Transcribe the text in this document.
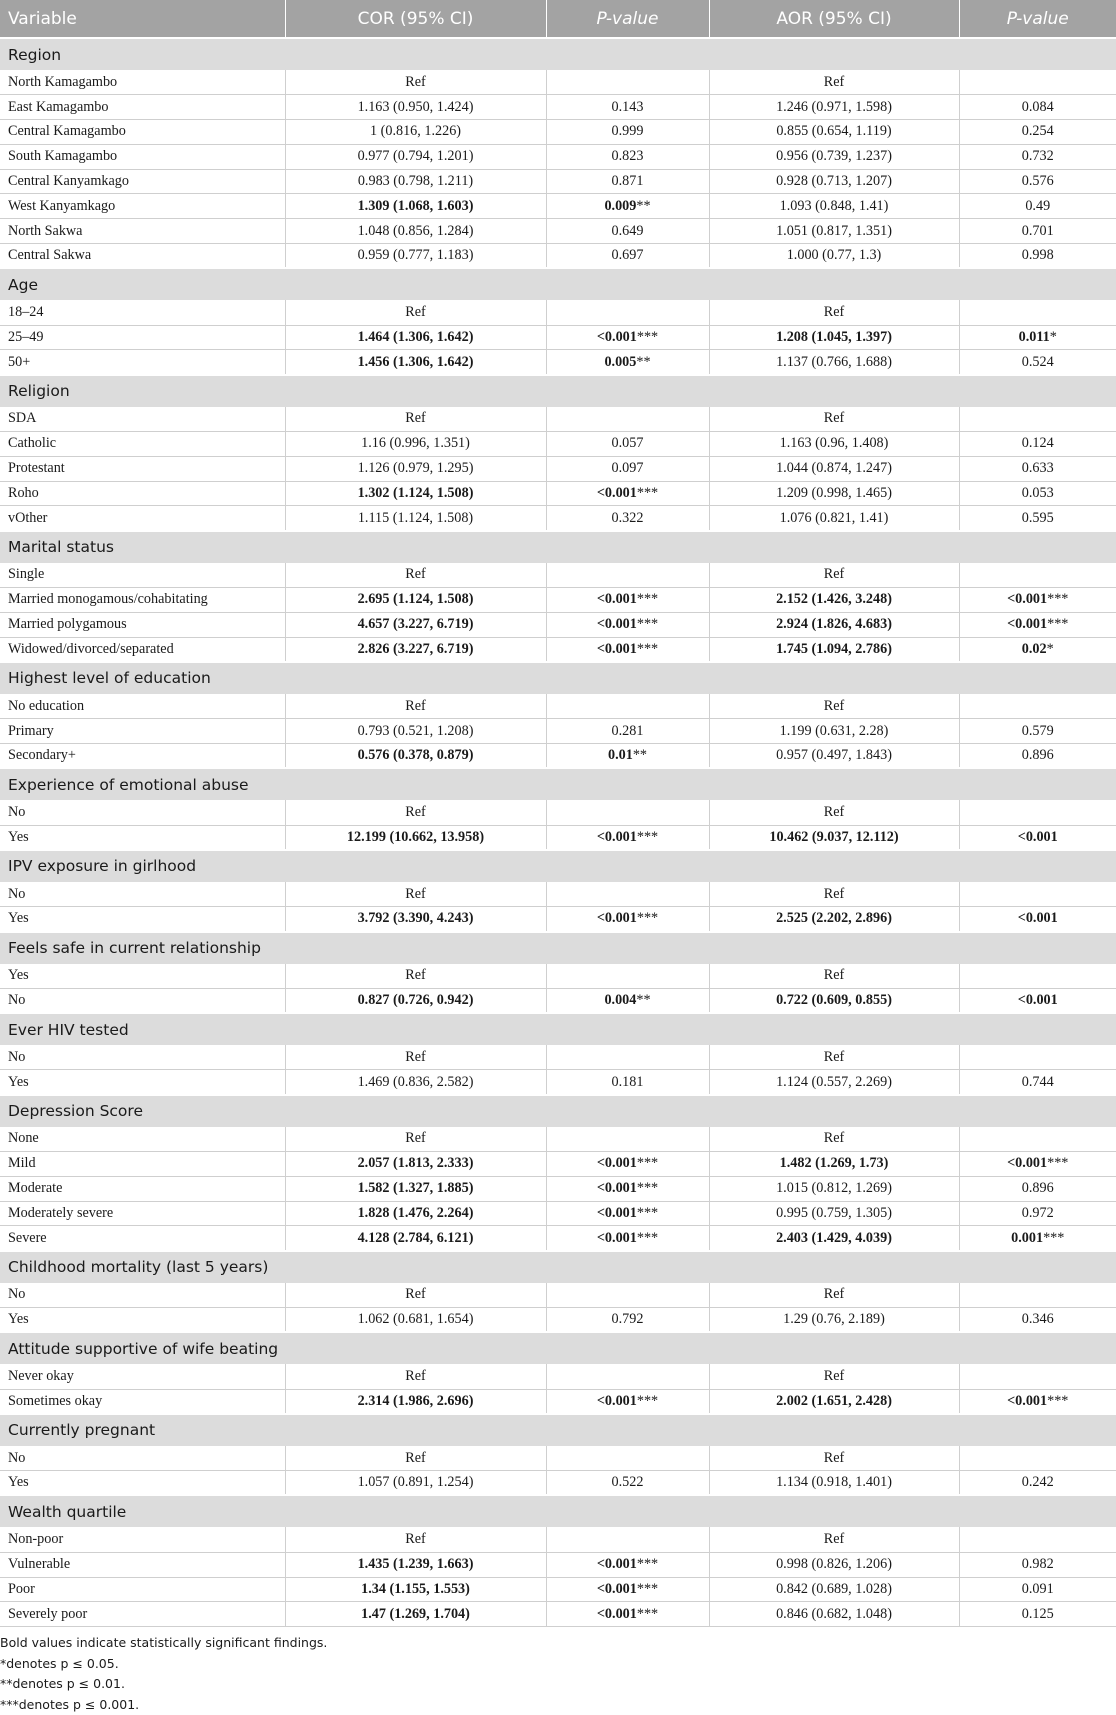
Variable	COR (95% CI)	P-value	AOR (95% CI)	P-value
Region				
North Kamagambo	Ref		Ref	
East Kamagambo	1.163 (0.950, 1.424)	0.143	1.246 (0.971, 1.598)	0.084
Central Kamagambo	1 (0.816, 1.226)	0.999	0.855 (0.654, 1.119)	0.254
South Kamagambo	0.977 (0.794, 1.201)	0.823	0.956 (0.739, 1.237)	0.732
Central Kanyamkago	0.983 (0.798, 1.211)	0.871	0.928 (0.713, 1.207)	0.576
West Kanyamkago	1.309 (1.068, 1.603)	0.009**	1.093 (0.848, 1.41)	0.49
North Sakwa	1.048 (0.856, 1.284)	0.649	1.051 (0.817, 1.351)	0.701
Central Sakwa	0.959 (0.777, 1.183)	0.697	1.000 (0.77, 1.3)	0.998
Age				
18–24	Ref		Ref	
25–49	1.464 (1.306, 1.642)	<0.001***	1.208 (1.045, 1.397)	0.011*
50+	1.456 (1.306, 1.642)	0.005**	1.137 (0.766, 1.688)	0.524
Religion				
SDA	Ref		Ref	
Catholic	1.16 (0.996, 1.351)	0.057	1.163 (0.96, 1.408)	0.124
Protestant	1.126 (0.979, 1.295)	0.097	1.044 (0.874, 1.247)	0.633
Roho	1.302 (1.124, 1.508)	<0.001***	1.209 (0.998, 1.465)	0.053
vOther	1.115 (1.124, 1.508)	0.322	1.076 (0.821, 1.41)	0.595
Marital status				
Single	Ref		Ref	
Married monogamous/cohabitating	2.695 (1.124, 1.508)	<0.001***	2.152 (1.426, 3.248)	<0.001***
Married polygamous	4.657 (3.227, 6.719)	<0.001***	2.924 (1.826, 4.683)	<0.001***
Widowed/divorced/separated	2.826 (3.227, 6.719)	<0.001***	1.745 (1.094, 2.786)	0.02*
Highest level of education				
No education	Ref		Ref	
Primary	0.793 (0.521, 1.208)	0.281	1.199 (0.631, 2.28)	0.579
Secondary+	0.576 (0.378, 0.879)	0.01**	0.957 (0.497, 1.843)	0.896
Experience of emotional abuse				
No	Ref		Ref	
Yes	12.199 (10.662, 13.958)	<0.001***	10.462 (9.037, 12.112)	<0.001
IPV exposure in girlhood				
No	Ref		Ref	
Yes	3.792 (3.390, 4.243)	<0.001***	2.525 (2.202, 2.896)	<0.001
Feels safe in current relationship				
Yes	Ref		Ref	
No	0.827 (0.726, 0.942)	0.004**	0.722 (0.609, 0.855)	<0.001
Ever HIV tested				
No	Ref		Ref	
Yes	1.469 (0.836, 2.582)	0.181	1.124 (0.557, 2.269)	0.744
Depression Score				
None	Ref		Ref	
Mild	2.057 (1.813, 2.333)	<0.001***	1.482 (1.269, 1.73)	<0.001***
Moderate	1.582 (1.327, 1.885)	<0.001***	1.015 (0.812, 1.269)	0.896
Moderately severe	1.828 (1.476, 2.264)	<0.001***	0.995 (0.759, 1.305)	0.972
Severe	4.128 (2.784, 6.121)	<0.001***	2.403 (1.429, 4.039)	0.001***
Childhood mortality (last 5 years)				
No	Ref		Ref	
Yes	1.062 (0.681, 1.654)	0.792	1.29 (0.76, 2.189)	0.346
Attitude supportive of wife beating				
Never okay	Ref		Ref	
Sometimes okay	2.314 (1.986, 2.696)	<0.001***	2.002 (1.651, 2.428)	<0.001***
Currently pregnant				
No	Ref		Ref	
Yes	1.057 (0.891, 1.254)	0.522	1.134 (0.918, 1.401)	0.242
Wealth quartile				
Non-poor	Ref		Ref	
Vulnerable	1.435 (1.239, 1.663)	<0.001***	0.998 (0.826, 1.206)	0.982
Poor	1.34 (1.155, 1.553)	<0.001***	0.842 (0.689, 1.028)	0.091
Severely poor	1.47 (1.269, 1.704)	<0.001***	0.846 (0.682, 1.048)	0.125
Bold values indicate statistically significant findings.
*denotes p ≤ 0.05.
**denotes p ≤ 0.01.
***denotes p ≤ 0.001.
